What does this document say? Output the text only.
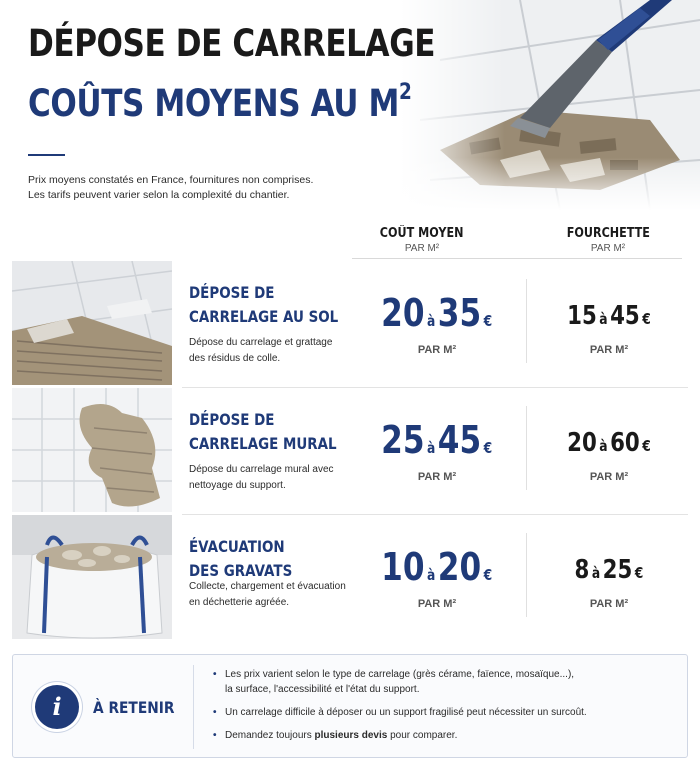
DÉPOSE DE CARRELAGE
COÛTS MOYENS AU $M^2$
Prix moyens constatés en France, fournitures non comprises.
Les tarifs peuvent varier selon la complexité du chantier.
COÛT MOYEN
PAR M²
FOURCHETTE
PAR M²
DÉPOSE DE
CARRELAGE AU SOL
Dépose du carrelage et grattage des résidus de colle.
20 à35 €
PAR M²
15 à45 €
PAR M²
DÉPOSE DE
CARRELAGE MURAL
Dépose du carrelage mural avec nettoyage du support.
25 à45 €
PAR M²
20 à60 €
PAR M²
ÉVACUATION
DES GRAVATS
Collecte, chargement et évacuation en déchetterie agréée.
10 à20 €
PAR M²
8 à25 €
PAR M²
i	À RETENIR
• Les prix varient selon le type de carrelage (grès cérame, faïence, mosaïque...),
la surface, l'accessibilité et l'état du support.
• Un carrelage difficile à déposer ou un support fragilisé peut nécessiter un surcoût.
• Demandez toujours plusieurs devis pour comparer.
